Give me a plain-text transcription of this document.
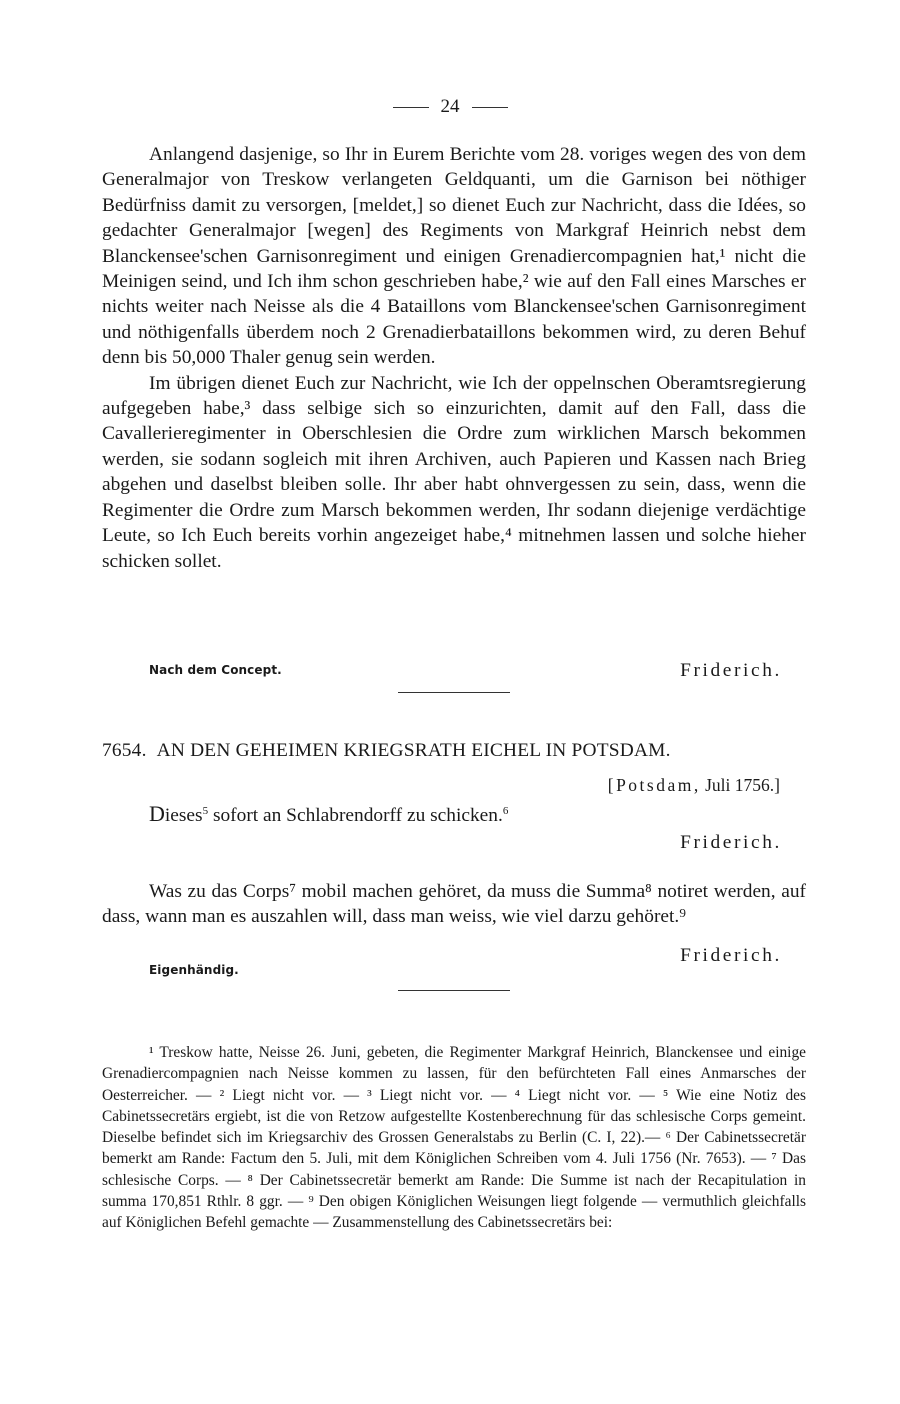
24

Anlangend dasjenige, so Ihr in Eurem Berichte vom 28. voriges wegen des von dem Generalmajor von Treskow verlangeten Geldquanti, um die Garnison bei nöthiger Bedürfniss damit zu versorgen, [meldet,] so dienet Euch zur Nachricht, dass die Idées, so gedachter Generalmajor [wegen] des Regiments von Markgraf Heinrich nebst dem Blanckensee'schen Garnisonregiment und einigen Grenadiercompagnien hat,¹ nicht die Meinigen seind, und Ich ihm schon geschrieben habe,² wie auf den Fall eines Marsches er nichts weiter nach Neisse als die 4 Bataillons vom Blanckensee'schen Garnisonregiment und nöthigenfalls überdem noch 2 Grenadierbataillons bekommen wird, zu deren Behuf denn bis 50,000 Thaler genug sein werden.

Im übrigen dienet Euch zur Nachricht, wie Ich der oppelnschen Oberamtsregierung aufgegeben habe,³ dass selbige sich so einzurichten, damit auf den Fall, dass die Cavallerieregimenter in Oberschlesien die Ordre zum wirklichen Marsch bekommen werden, sie sodann sogleich mit ihren Archiven, auch Papieren und Kassen nach Brieg abgehen und daselbst bleiben solle. Ihr aber habt ohnvergessen zu sein, dass, wenn die Regimenter die Ordre zum Marsch bekommen werden, Ihr sodann diejenige verdächtige Leute, so Ich Euch bereits vorhin angezeiget habe,⁴ mitnehmen lassen und solche hieher schicken sollet.

Nach dem Concept.	Friderich.
7654. AN DEN GEHEIMEN KRIEGSRATH EICHEL IN POTSDAM.
[Potsdam, Juli 1756.]
Dieses$^5$ sofort an Schlabrendorff zu schicken.$^6$
Friderich.

Was zu das Corps⁷ mobil machen gehöret, da muss die Summa⁸ notiret werden, auf dass, wann man es auszahlen will, dass man weiss, wie viel darzu gehöret.⁹

Friderich.
Eigenhändig.

¹ Treskow hatte, Neisse 26. Juni, gebeten, die Regimenter Markgraf Heinrich, Blanckensee und einige Grenadiercompagnien nach Neisse kommen zu lassen, für den befürchteten Fall eines Anmarsches der Oesterreicher. — ² Liegt nicht vor. — ³ Liegt nicht vor. — ⁴ Liegt nicht vor. — ⁵ Wie eine Notiz des Cabinetssecretärs ergiebt, ist die von Retzow aufgestellte Kostenberechnung für das schlesische Corps gemeint. Dieselbe befindet sich im Kriegsarchiv des Grossen Generalstabs zu Berlin (C. I, 22).— ⁶ Der Cabinetssecretär bemerkt am Rande: Factum den 5. Juli, mit dem Königlichen Schreiben vom 4. Juli 1756 (Nr. 7653). — ⁷ Das schlesische Corps. — ⁸ Der Cabinetssecretär bemerkt am Rande: Die Summe ist nach der Recapitulation in summa 170,851 Rthlr. 8 ggr. — ⁹ Den obigen Königlichen Weisungen liegt folgende — vermuthlich gleichfalls auf Königlichen Befehl gemachte — Zusammenstellung des Cabinetssecretärs bei:
